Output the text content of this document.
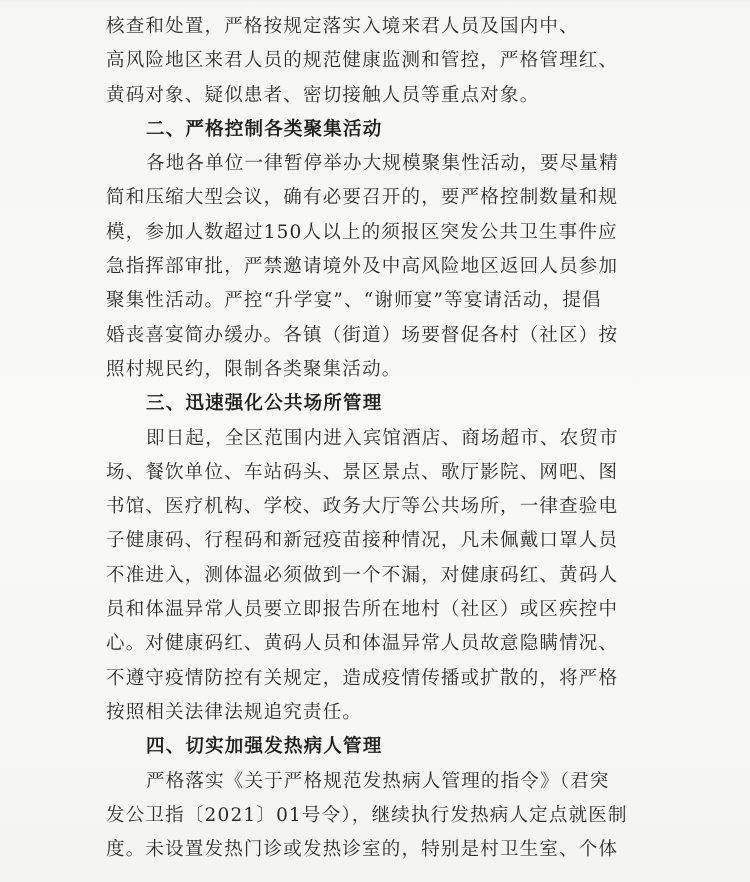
核查和处置，严格按规定落实入境来君人员及国内中、
高风险地区来君人员的规范健康监测和管控，严格管理红、
黄码对象、疑似患者、密切接触人员等重点对象。
二、严格控制各类聚集活动
各地各单位一律暂停举办大规模聚集性活动，要尽量精
简和压缩大型会议，确有必要召开的，要严格控制数量和规
模，参加人数超过150人以上的须报区突发公共卫生事件应
急指挥部审批，严禁邀请境外及中高风险地区返回人员参加
聚集性活动。严控“升学宴”、“谢师宴”等宴请活动，提倡
婚丧喜宴简办缓办。各镇（街道）场要督促各村（社区）按
照村规民约，限制各类聚集活动。
三、迅速强化公共场所管理
即日起，全区范围内进入宾馆酒店、商场超市、农贸市
场、餐饮单位、车站码头、景区景点、歌厅影院、网吧、图
书馆、医疗机构、学校、政务大厅等公共场所，一律查验电
子健康码、行程码和新冠疫苗接种情况，凡未佩戴口罩人员
不准进入，测体温必须做到一个不漏，对健康码红、黄码人
员和体温异常人员要立即报告所在地村（社区）或区疾控中
心。对健康码红、黄码人员和体温异常人员故意隐瞒情况、
不遵守疫情防控有关规定，造成疫情传播或扩散的，将严格
按照相关法律法规追究责任。
四、切实加强发热病人管理
严格落实《关于严格规范发热病人管理的指令》（君突
发公卫指〔2021〕01号令），继续执行发热病人定点就医制
度。未设置发热门诊或发热诊室的，特别是村卫生室、个体
